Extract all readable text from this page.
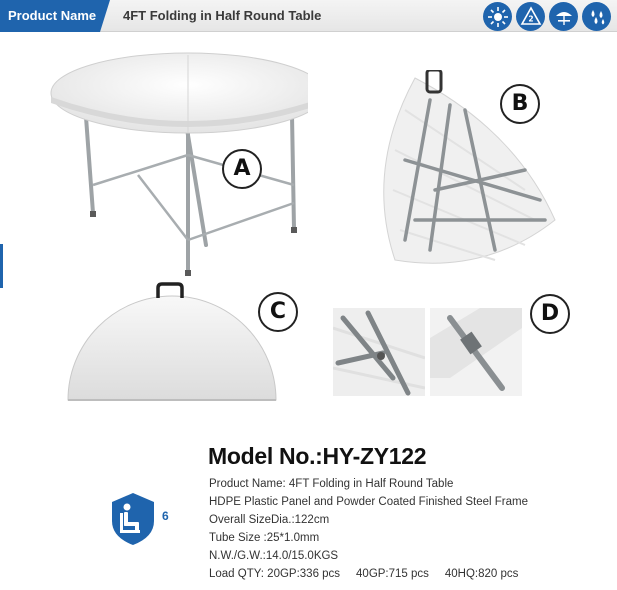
Product Name 4FT Folding in Half Round Table	2
A
B
C	D
6
Model No.:HY-ZY122
Product Name: 4FT Folding in Half Round Table
HDPE Plastic Panel and Powder Coated Finished Steel Frame
Overall SizeDia.:122cm
Tube Size :25*1.0mm
N.W./G.W.:14.0/15.0KGS
Load QTY: 20GP:336 pcs     40GP:715 pcs     40HQ:820 pcs
